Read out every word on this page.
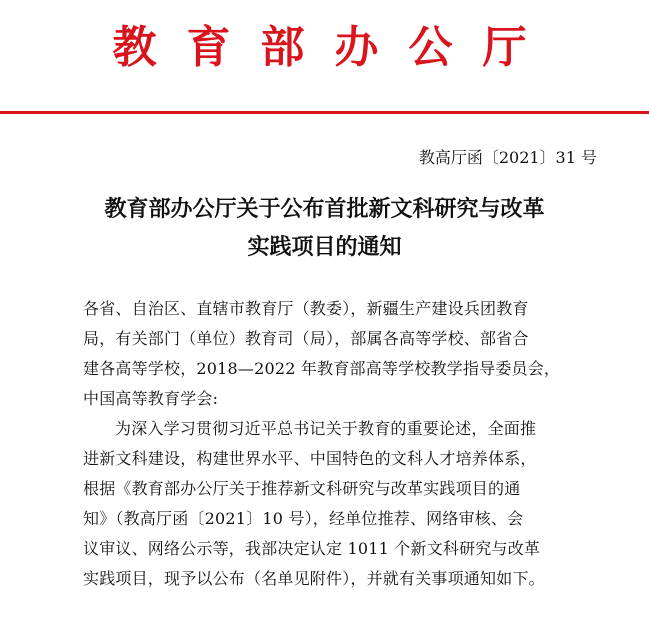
教育部办公厅
教高厅函〔2021〕31 号
教育部办公厅关于公布首批新文科研究与改革
实践项目的通知
各省、自治区、直辖市教育厅（教委），新疆生产建设兵团教育
局，有关部门（单位）教育司（局），部属各高等学校、部省合
建各高等学校，2018—2022 年教育部高等学校教学指导委员会，
中国高等教育学会:
为深入学习贯彻习近平总书记关于教育的重要论述，全面推
进新文科建设，构建世界水平、中国特色的文科人才培养体系，
根据《教育部办公厅关于推荐新文科研究与改革实践项目的通
知》（教高厅函〔2021〕10 号），经单位推荐、网络审核、会
议审议、网络公示等，我部决定认定 1011 个新文科研究与改革
实践项目，现予以公布（名单见附件），并就有关事项通知如下。
